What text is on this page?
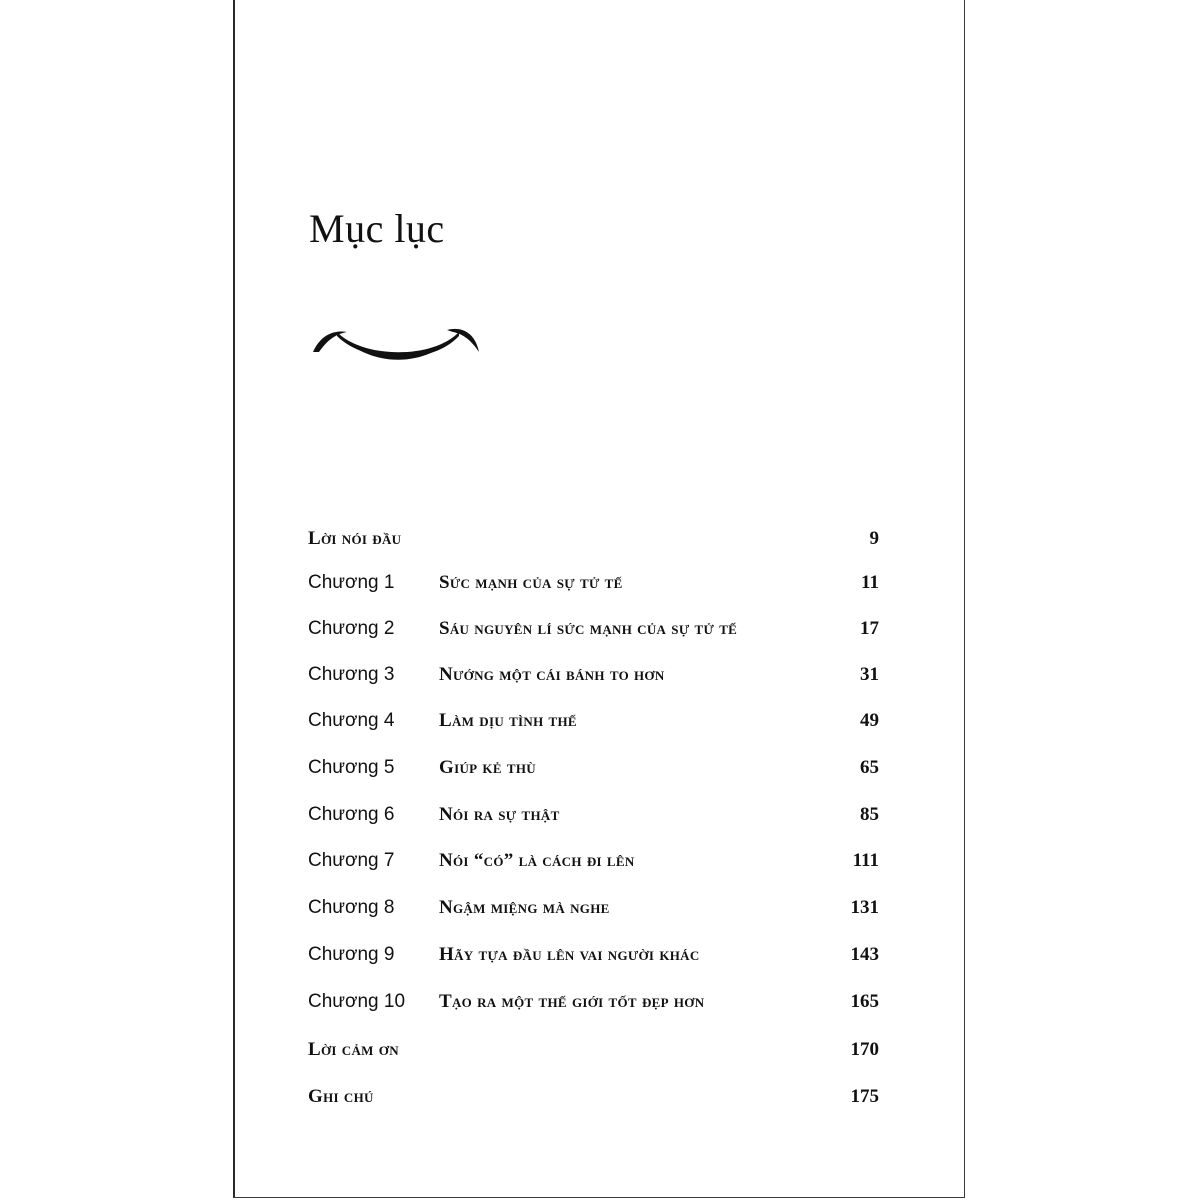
Mục lục
Lời nói đầu	9
Chương 1 Sức mạnh của sự tử tế	11
Chương 2 Sáu nguyên lí sức mạnh của sự tử tế	17
Chương 3 Nướng một cái bánh to hơn	31
Chương 4 Làm dịu tình thế	49
Chương 5 Giúp kẻ thù	65
Chương 6 Nói ra sự thật	85
Chương 7 Nói “có” là cách đi lên	111
Chương 8 Ngậm miệng mà nghe	131
Chương 9 Hãy tựa đầu lên vai người khác	143
Chương 10 Tạo ra một thế giới tốt đẹp hơn	165
Lời cảm ơn	170
Ghi chú	175
